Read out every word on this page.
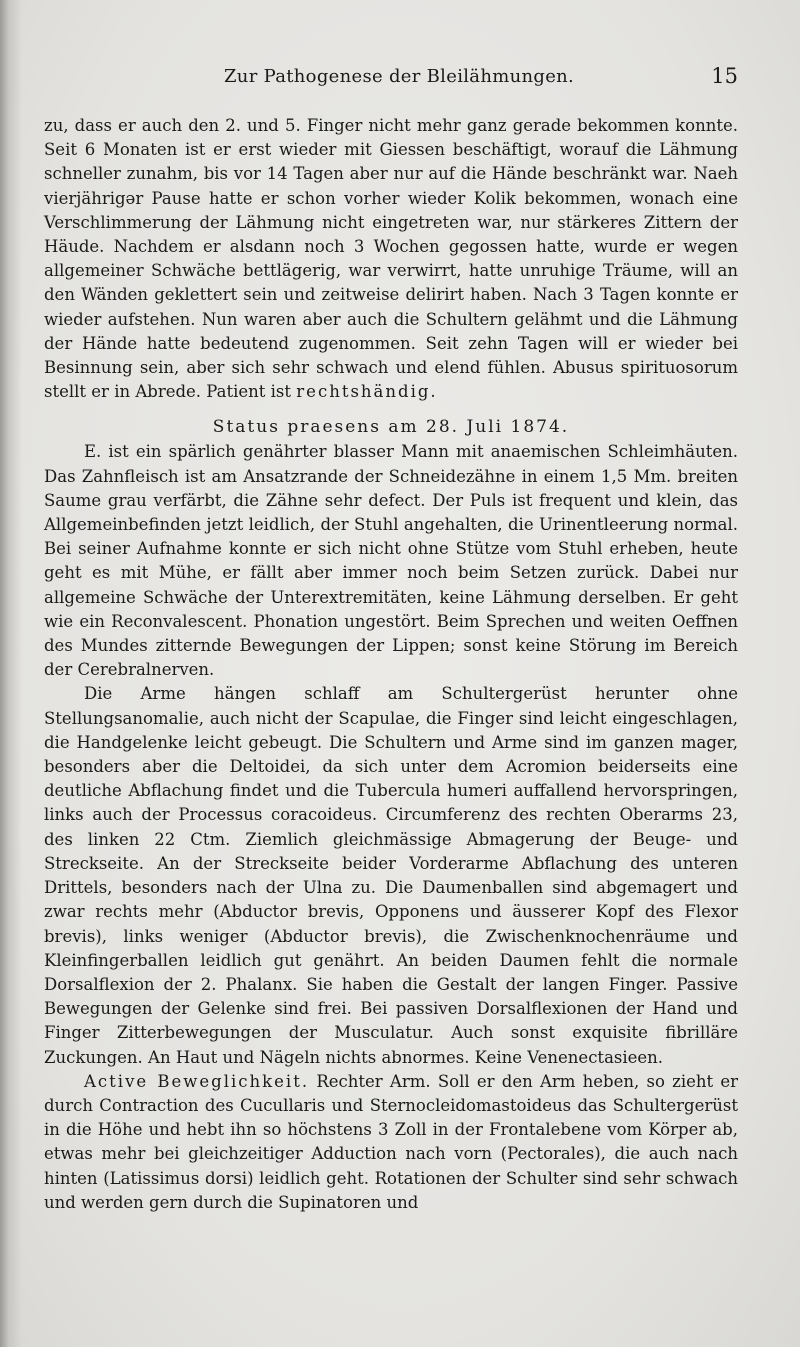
Zur Pathogenese der Bleilähmungen.	15

zu, dass er auch den 2. und 5. Finger nicht mehr ganz gerade bekommen konnte. Seit 6 Monaten ist er erst wieder mit Giessen beschäftigt, worauf die Lähmung schneller zunahm, bis vor 14 Tagen aber nur auf die Hände beschränkt war. Naeh vierjährigər Pause hatte er schon vorher wieder Kolik bekommen, wonach eine Verschlimmerung der Lähmung nicht eingetreten war, nur stärkeres Zittern der Häude. Nachdem er alsdann noch 3 Wochen gegossen hatte, wurde er wegen allgemeiner Schwäche bettlägerig, war verwirrt, hatte unruhige Träume, will an den Wänden geklettert sein und zeitweise delirirt haben. Nach 3 Tagen konnte er wieder aufstehen. Nun waren aber auch die Schultern gelähmt und die Lähmung der Hände hatte bedeutend zugenommen. Seit zehn Tagen will er wieder bei Besinnung sein, aber sich sehr schwach und elend fühlen. Abusus spirituosorum stellt er in Abrede. Patient ist rechtshändig.

Status praesens am 28. Juli 1874.

E. ist ein spärlich genährter blasser Mann mit anaemischen Schleimhäuten. Das Zahnfleisch ist am Ansatzrande der Schneidezähne in einem 1,5 Mm. breiten Saume grau verfärbt, die Zähne sehr defect. Der Puls ist frequent und klein, das Allgemeinbefinden jetzt leidlich, der Stuhl angehalten, die Urinentleerung normal. Bei seiner Aufnahme konnte er sich nicht ohne Stütze vom Stuhl erheben, heute geht es mit Mühe, er fällt aber immer noch beim Setzen zurück. Dabei nur allgemeine Schwäche der Unterextremitäten, keine Lähmung derselben. Er geht wie ein Reconvalescent. Phonation ungestört. Beim Sprechen und weiten Oeffnen des Mundes zitternde Bewegungen der Lippen; sonst keine Störung im Bereich der Cerebralnerven.

Die Arme hängen schlaff am Schultergerüst herunter ohne Stellungsanomalie, auch nicht der Scapulae, die Finger sind leicht eingeschlagen, die Handgelenke leicht gebeugt. Die Schultern und Arme sind im ganzen mager, besonders aber die Deltoidei, da sich unter dem Acromion beiderseits eine deutliche Abflachung findet und die Tubercula humeri auffallend hervorspringen, links auch der Processus coracoideus. Circumferenz des rechten Oberarms 23, des linken 22 Ctm. Ziemlich gleichmässige Abmagerung der Beuge- und Streckseite. An der Streckseite beider Vorderarme Abflachung des unteren Drittels, besonders nach der Ulna zu. Die Daumenballen sind abgemagert und zwar rechts mehr (Abductor brevis, Opponens und äusserer Kopf des Flexor brevis), links weniger (Abductor brevis), die Zwischenknochenräume und Kleinfingerballen leidlich gut genährt. An beiden Daumen fehlt die normale Dorsalflexion der 2. Phalanx. Sie haben die Gestalt der langen Finger. Passive Bewegungen der Gelenke sind frei. Bei passiven Dorsalflexionen der Hand und Finger Zitterbewegungen der Musculatur. Auch sonst exquisite fibrilläre Zuckungen. An Haut und Nägeln nichts abnormes. Keine Venenectasieen.

Active Beweglichkeit. Rechter Arm. Soll er den Arm heben, so zieht er durch Contraction des Cucullaris und Sternocleidomastoideus das Schultergerüst in die Höhe und hebt ihn so höchstens 3 Zoll in der Frontalebene vom Körper ab, etwas mehr bei gleichzeitiger Adduction nach vorn (Pectorales), die auch nach hinten (Latissimus dorsi) leidlich geht. Rotationen der Schulter sind sehr schwach und werden gern durch die Supinatoren und
